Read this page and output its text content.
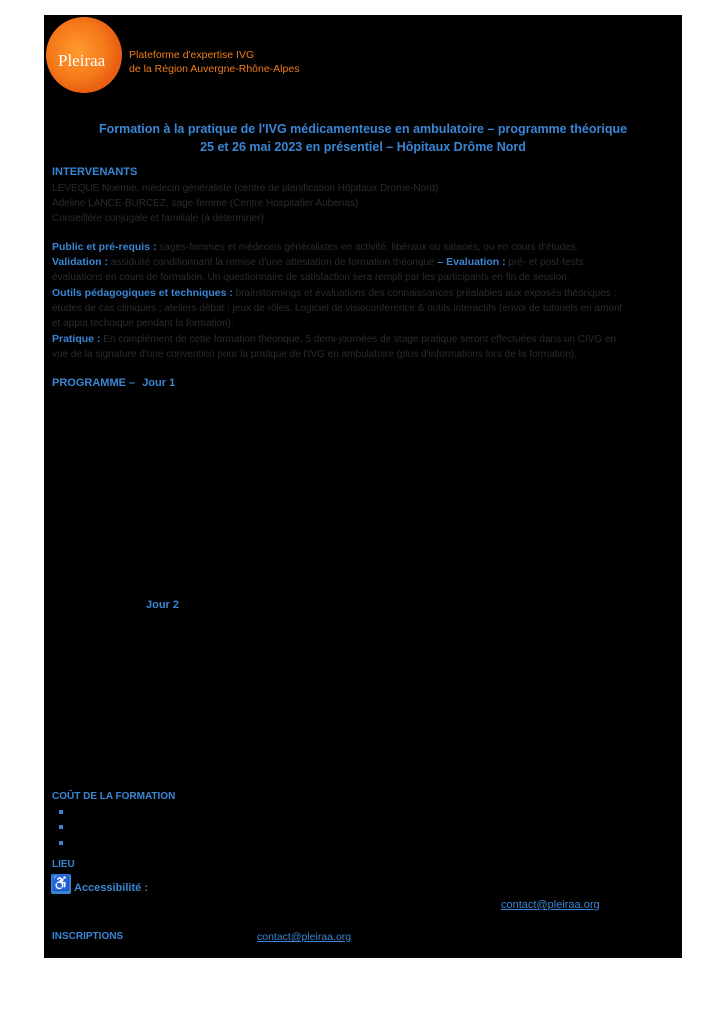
Pleiraa Plateforme d'expertise IVG
de la Région Auvergne-Rhône-Alpes
Formation à la pratique de l'IVG médicamenteuse en ambulatoire – programme théorique
25 et 26 mai 2023 en présentiel – Hôpitaux Drôme Nord
INTERVENANTS
LEVEQUE Noémie, médecin généraliste (centre de planification Hôpitaux Drome-Nord)
Adeline LANCE-BURCEZ, sage-femme (Centre Hospitalier Aubenas)
Conseillère conjugale et familiale (à déterminer)
Public et pré-requis : sages-femmes et médecins généralistes en activité, libéraux ou salariés, ou en cours d'études.
Validation : assiduité conditionnant la remise d'une attestation de formation théorique – Evaluation : pré- et post-tests
évaluations en cours de formation. Un questionnaire de satisfaction sera rempli par les participants en fin de session.
Outils pédagogiques et techniques : brainstormings et évaluations des connaissances préalables aux exposés théoriques ;
études de cas cliniques ; ateliers débat ; jeux de rôles. Logiciel de visioconférence & outils interactifs (envoi de tutoriels en amont
et appui technique pendant la formation).
Pratique : En complément de cette formation théorique, 5 demi-journées de stage pratique seront effectuées dans un CIVG en
vue de la signature d'une convention pour la pratique de l'IVG en ambulatoire (plus d'informations lors de la formation).
PROGRAMME – Jour 1
Jour 2
COÛT DE LA FORMATION
LIEU
♿ Accessibilité :
contact@pleiraa.org
INSCRIPTIONS	contact@pleiraa.org
